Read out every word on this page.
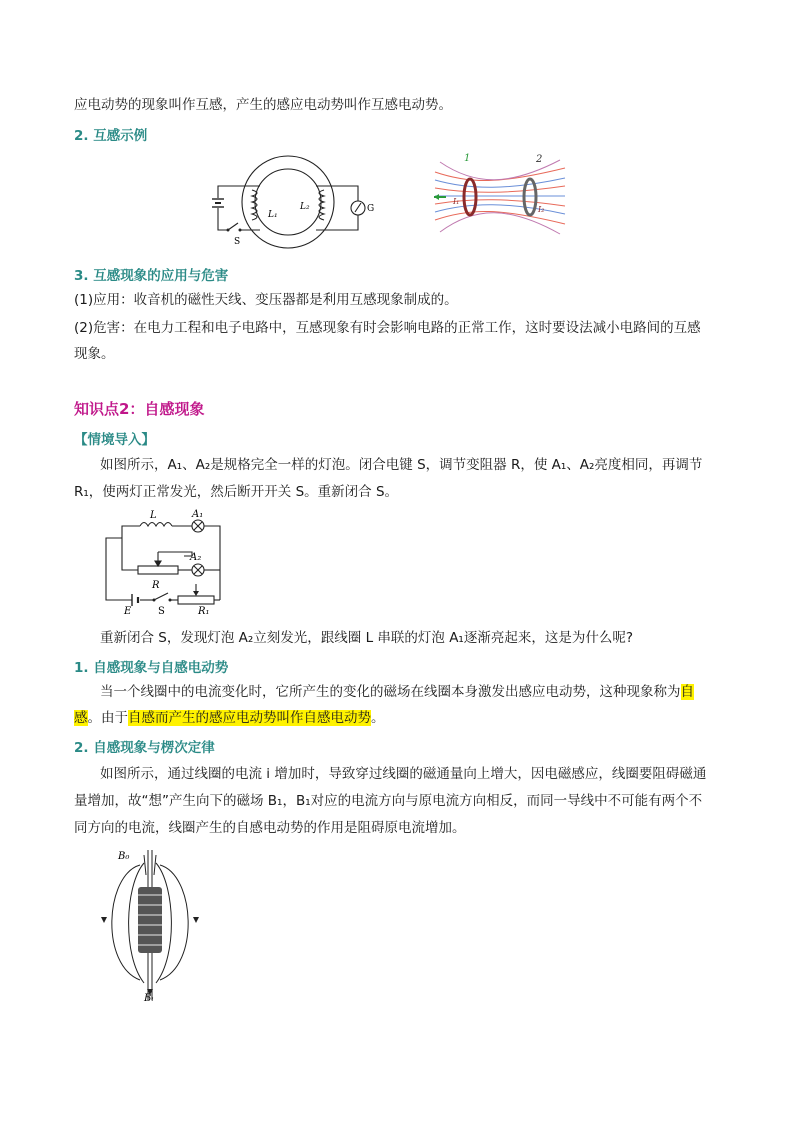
应电动势的现象叫作互感，产生的感应电动势叫作互感电动势。
2. 互感示例
S
L₁
L₂	G
1	2
I₁
I₂
3. 互感现象的应用与危害
(1)应用：收音机的磁性天线、变压器都是利用互感现象制成的。
(2)危害：在电力工程和电子电路中，互感现象有时会影响电路的正常工作，这时要设法减小电路间的互感
现象。
知识点2：自感现象
【情境导入】
如图所示，A₁、A₂是规格完全一样的灯泡。闭合电键 S，调节变阻器 R，使 A₁、A₂亮度相同，再调节
R₁，使两灯正常发光，然后断开开关 S。重新闭合 S。
L	A₁
A₂
R
R₁
E	S
重新闭合 S，发现灯泡 A₂立刻发光，跟线圈 L 串联的灯泡 A₁逐渐亮起来，这是为什么呢?
1. 自感现象与自感电动势
当一个线圈中的电流变化时，它所产生的变化的磁场在线圈本身激发出感应电动势，这种现象称为自
感。由于自感而产生的感应电动势叫作自感电动势。
2. 自感现象与楞次定律
如图所示，通过线圈的电流 i 增加时，导致穿过线圈的磁通量向上增大，因电磁感应，线圈要阻碍磁通
量增加，故“想”产生向下的磁场 B₁，B₁对应的电流方向与原电流方向相反，而同一导线中不可能有两个不
同方向的电流，线圈产生的自感电动势的作用是阻碍原电流增加。
B₀
Bᵢ
